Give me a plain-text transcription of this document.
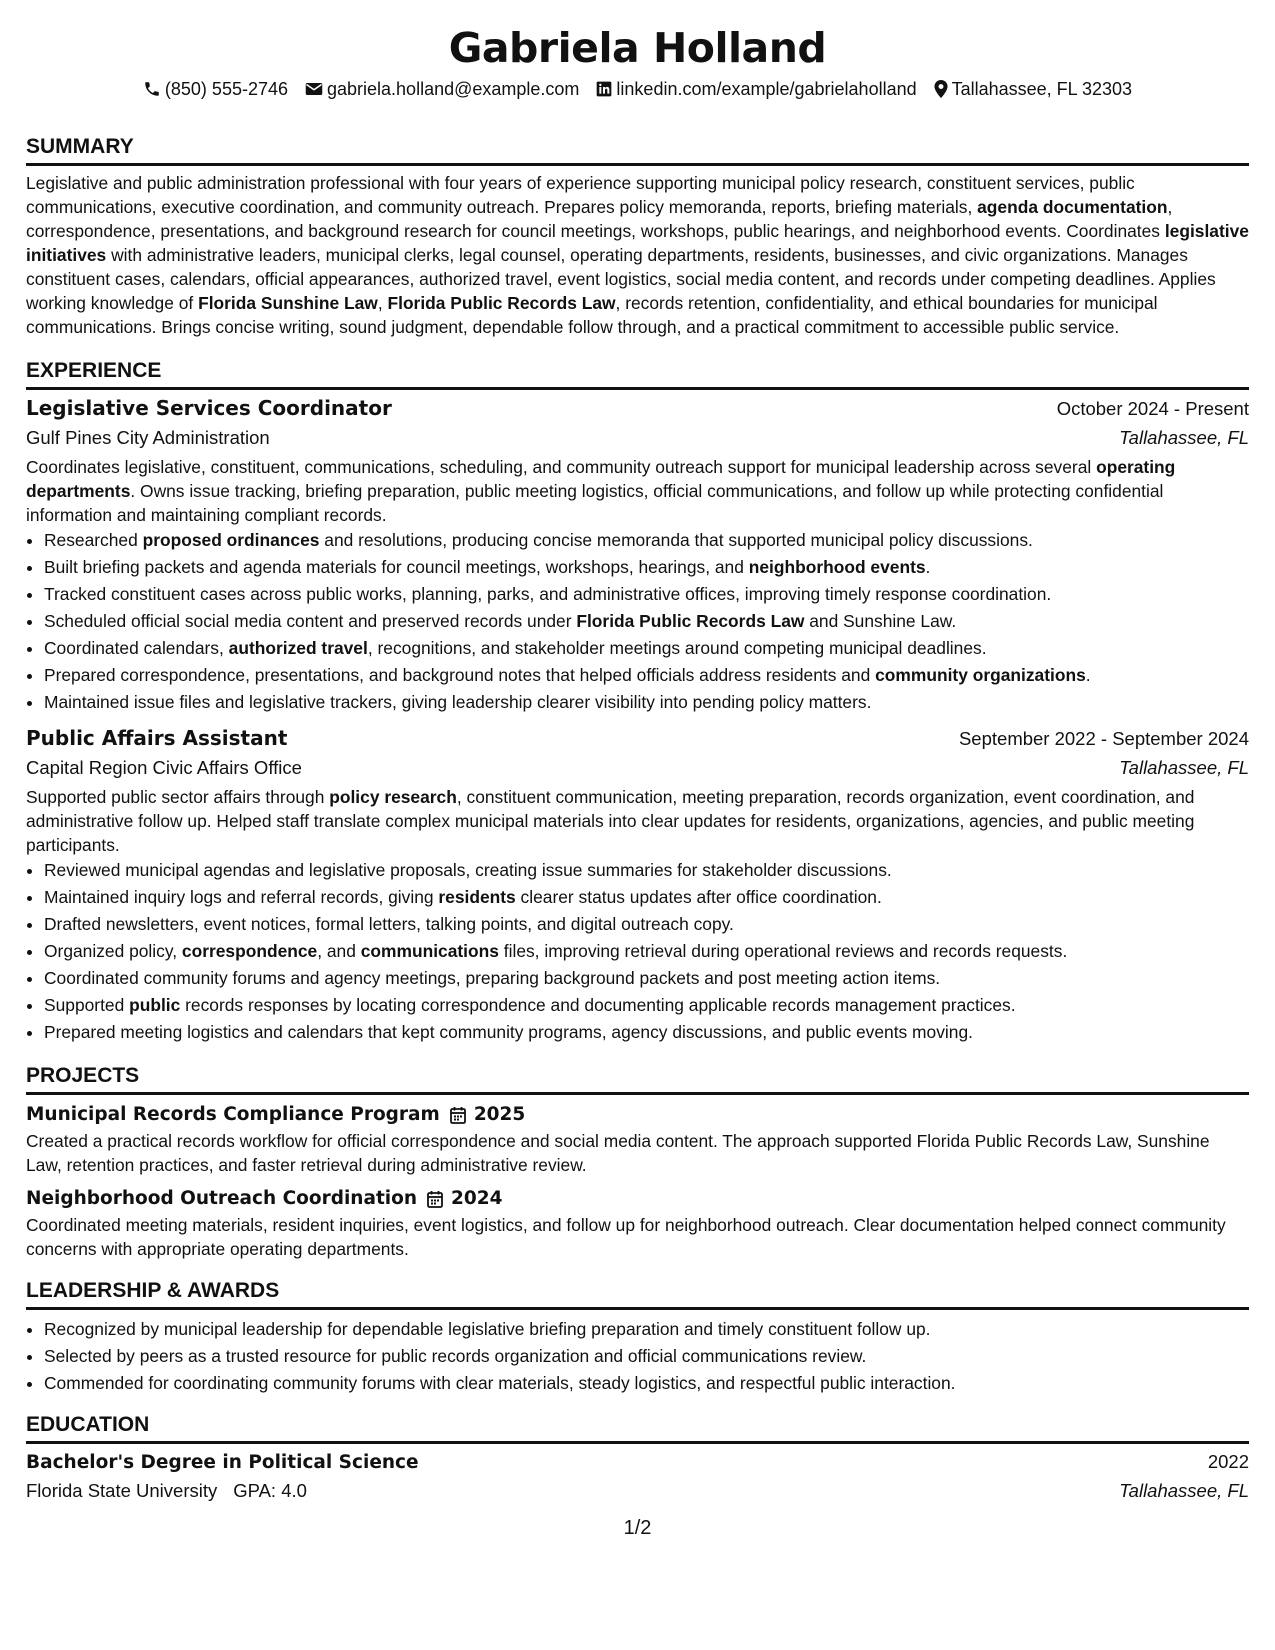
Gabriela Holland
(850) 555-2746 gabriela.holland@example.com linkedin.com/example/gabrielaholland Tallahassee, FL 32303
SUMMARY

Legislative and public administration professional with four years of experience supporting municipal policy research, constituent services, public communications, executive coordination, and community outreach. Prepares policy memoranda, reports, briefing materials, agenda documentation, correspondence, presentations, and background research for council meetings, workshops, public hearings, and neighborhood events. Coordinates legislative initiatives with administrative leaders, municipal clerks, legal counsel, operating departments, residents, businesses, and civic organizations. Manages constituent cases, calendars, official appearances, authorized travel, event logistics, social media content, and records under competing deadlines. Applies working knowledge of Florida Sunshine Law, Florida Public Records Law, records retention, confidentiality, and ethical boundaries for municipal communications. Brings concise writing, sound judgment, dependable follow through, and a practical commitment to accessible public service.

EXPERIENCE
Legislative Services Coordinator	October 2024 - Present
Gulf Pines City Administration	Tallahassee, FL

Coordinates legislative, constituent, communications, scheduling, and community outreach support for municipal leadership across several operating departments. Owns issue tracking, briefing preparation, public meeting logistics, official communications, and follow up while protecting confidential information and maintaining compliant records.

• Researched proposed ordinances and resolutions, producing concise memoranda that supported municipal policy discussions.
• Built briefing packets and agenda materials for council meetings, workshops, hearings, and neighborhood events.
• Tracked constituent cases across public works, planning, parks, and administrative offices, improving timely response coordination.
• Scheduled official social media content and preserved records under Florida Public Records Law and Sunshine Law.
• Coordinated calendars, authorized travel, recognitions, and stakeholder meetings around competing municipal deadlines.
• Prepared correspondence, presentations, and background notes that helped officials address residents and community organizations.
• Maintained issue files and legislative trackers, giving leadership clearer visibility into pending policy matters.
Public Affairs Assistant	September 2022 - September 2024
Capital Region Civic Affairs Office	Tallahassee, FL

Supported public sector affairs through policy research, constituent communication, meeting preparation, records organization, event coordination, and administrative follow up. Helped staff translate complex municipal materials into clear updates for residents, organizations, agencies, and public meeting participants.

• Reviewed municipal agendas and legislative proposals, creating issue summaries for stakeholder discussions.
• Maintained inquiry logs and referral records, giving residents clearer status updates after office coordination.
• Drafted newsletters, event notices, formal letters, talking points, and digital outreach copy.
• Organized policy, correspondence, and communications files, improving retrieval during operational reviews and records requests.
• Coordinated community forums and agency meetings, preparing background packets and post meeting action items.
• Supported public records responses by locating correspondence and documenting applicable records management practices.
• Prepared meeting logistics and calendars that kept community programs, agency discussions, and public events moving.
PROJECTS
Municipal Records Compliance Program 2025

Created a practical records workflow for official correspondence and social media content. The approach supported Florida Public Records Law, Sunshine Law, retention practices, and faster retrieval during administrative review.

Neighborhood Outreach Coordination 2024

Coordinated meeting materials, resident inquiries, event logistics, and follow up for neighborhood outreach. Clear documentation helped connect community concerns with appropriate operating departments.

LEADERSHIP & AWARDS
• Recognized by municipal leadership for dependable legislative briefing preparation and timely constituent follow up.
• Selected by peers as a trusted resource for public records organization and official communications review.
• Commended for coordinating community forums with clear materials, steady logistics, and respectful public interaction.
EDUCATION
Bachelor's Degree in Political Science	2022
Florida State University GPA: 4.0	Tallahassee, FL
1/2
